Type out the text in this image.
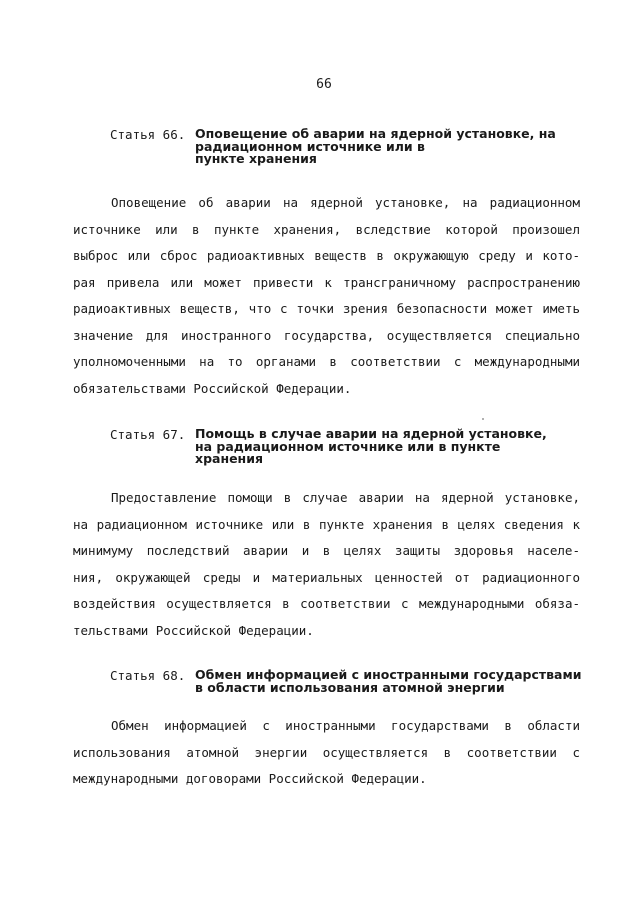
66
Статья 66. Оповещение об аварии на ядерной установке, на
радиационном источнике или в
пункте хранения
Оповещение об аварии на ядерной установке, на радиационном
источнике или в пункте хранения, вследствие которой произошел
выброс или сброс радиоактивных веществ в окружающую среду и кото-
рая привела или может привести к трансграничному распространению
радиоактивных веществ, что с точки зрения безопасности может иметь
значение для иностранного государства, осуществляется специально
уполномоченными на то органами в соответствии с международными
обязательствами Российской Федерации.
Статья 67. Помощь в случае аварии на ядерной установке,
на радиационном источнике или в пункте
хранения
Предоставление помощи в случае аварии на ядерной установке,
на радиационном источнике или в пункте хранения в целях сведения к
минимуму последствий аварии и в целях защиты здоровья населе-
ния, окружающей среды и материальных ценностей от радиационного
воздействия осуществляется в соответствии с международными обяза-
тельствами Российской Федерации.
Статья 68. Обмен информацией с иностранными государствами
в области использования атомной энергии
Обмен информацией с иностранными государствами в области
использования атомной энергии осуществляется в соответствии с
международными договорами Российской Федерации.
